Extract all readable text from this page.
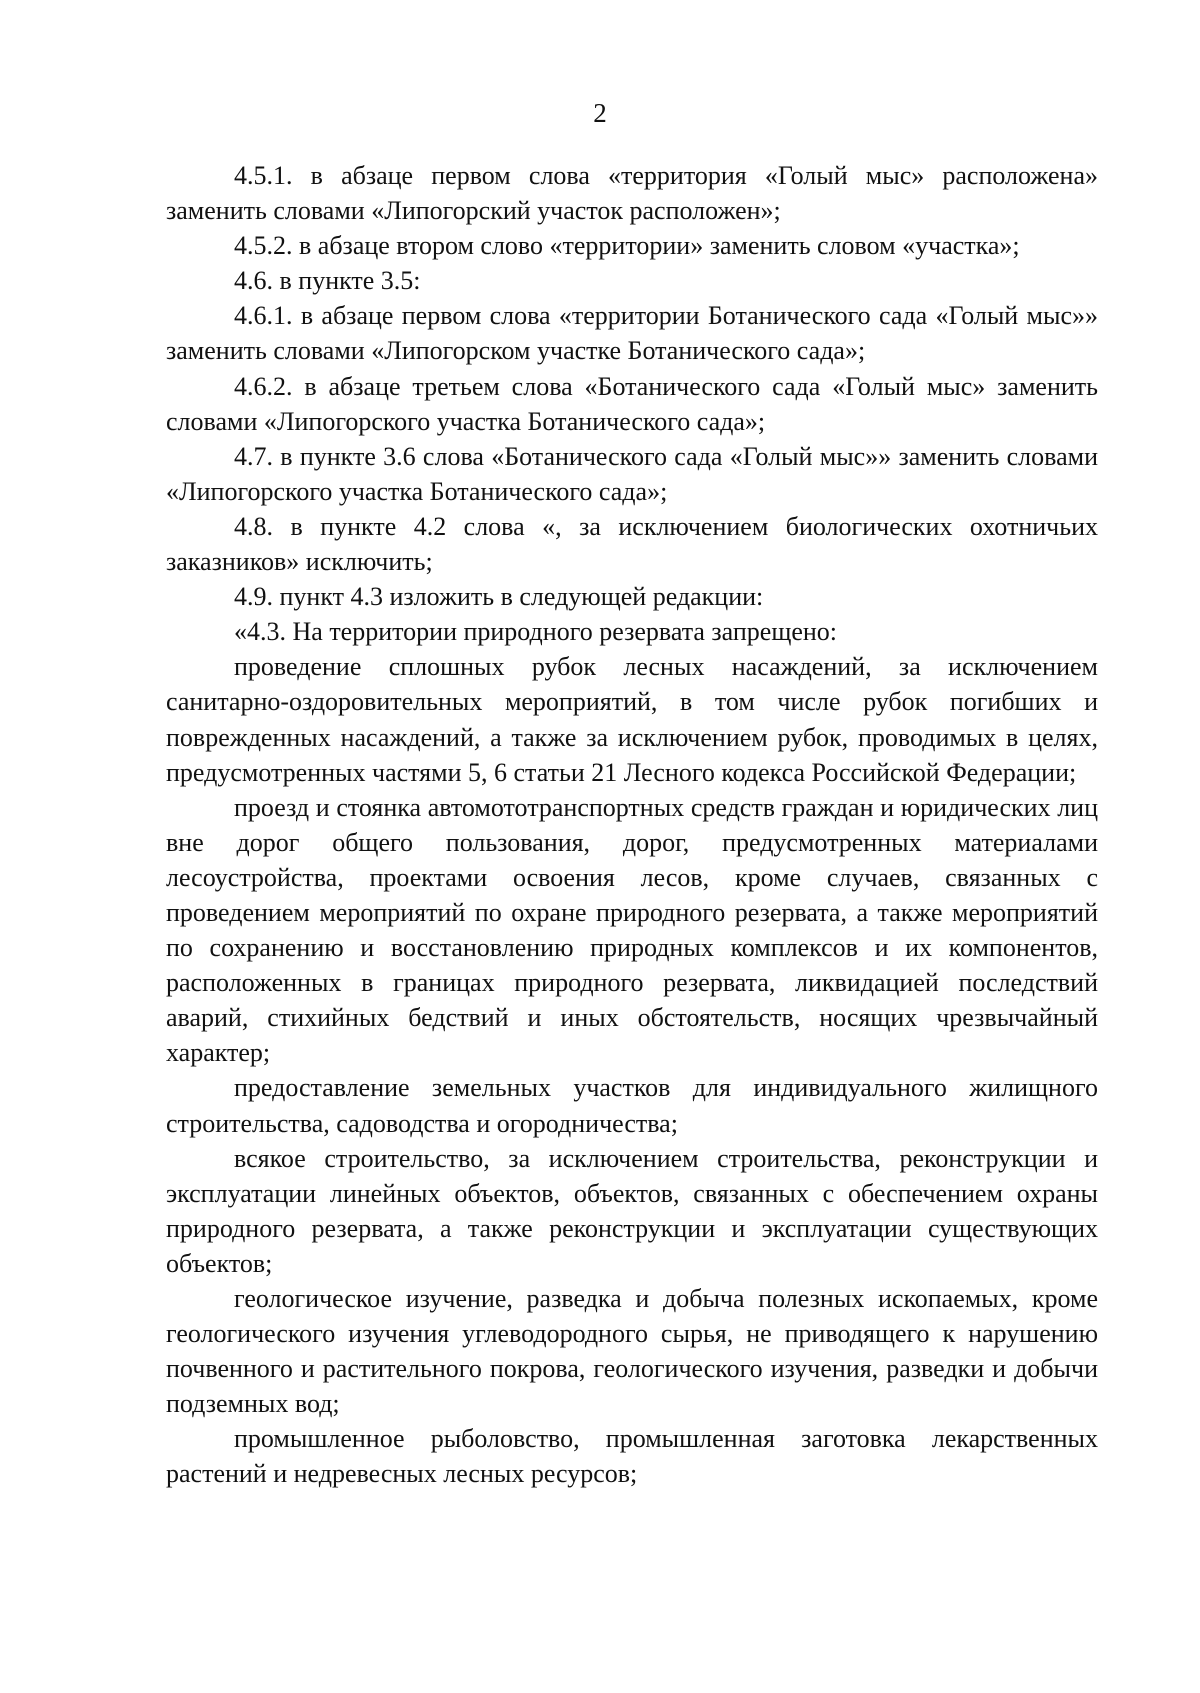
2

4.5.1. в абзаце первом слова «территория «Голый мыс» расположена» заменить словами «Липогорский участок расположен»;

4.5.2. в абзаце втором слово «территории» заменить словом «участка»;

4.6. в пункте 3.5:

4.6.1. в абзаце первом слова «территории Ботанического сада «Голый мыс»» заменить словами «Липогорском участке Ботанического сада»;

4.6.2. в абзаце третьем слова «Ботанического сада «Голый мыс» заменить словами «Липогорского участка Ботанического сада»;

4.7. в пункте 3.6 слова «Ботанического сада «Голый мыс»» заменить словами «Липогорского участка Ботанического сада»;

4.8. в пункте 4.2 слова «, за исключением биологических охотничьих заказников» исключить;

4.9. пункт 4.3 изложить в следующей редакции:

«4.3. На территории природного резервата запрещено:

проведение сплошных рубок лесных насаждений, за исключением санитарно-оздоровительных мероприятий, в том числе рубок погибших и поврежденных насаждений, а также за исключением рубок, проводимых в целях, предусмотренных частями 5, 6 статьи 21 Лесного кодекса Российской Федерации;

проезд и стоянка автомототранспортных средств граждан и юридических лиц вне дорог общего пользования, дорог, предусмотренных материалами лесоустройства, проектами освоения лесов, кроме случаев, связанных с проведением мероприятий по охране природного резервата, а также мероприятий по сохранению и восстановлению природных комплексов и их компонентов, расположенных в границах природного резервата, ликвидацией последствий аварий, стихийных бедствий и иных обстоятельств, носящих чрезвычайный характер;

предоставление земельных участков для индивидуального жилищного строительства, садоводства и огородничества;

всякое строительство, за исключением строительства, реконструкции и эксплуатации линейных объектов, объектов, связанных с обеспечением охраны природного резервата, а также реконструкции и эксплуатации существующих объектов;

геологическое изучение, разведка и добыча полезных ископаемых, кроме геологического изучения углеводородного сырья, не приводящего к нарушению почвенного и растительного покрова, геологического изучения, разведки и добычи подземных вод;

промышленное рыболовство, промышленная заготовка лекарственных растений и недревесных лесных ресурсов;
